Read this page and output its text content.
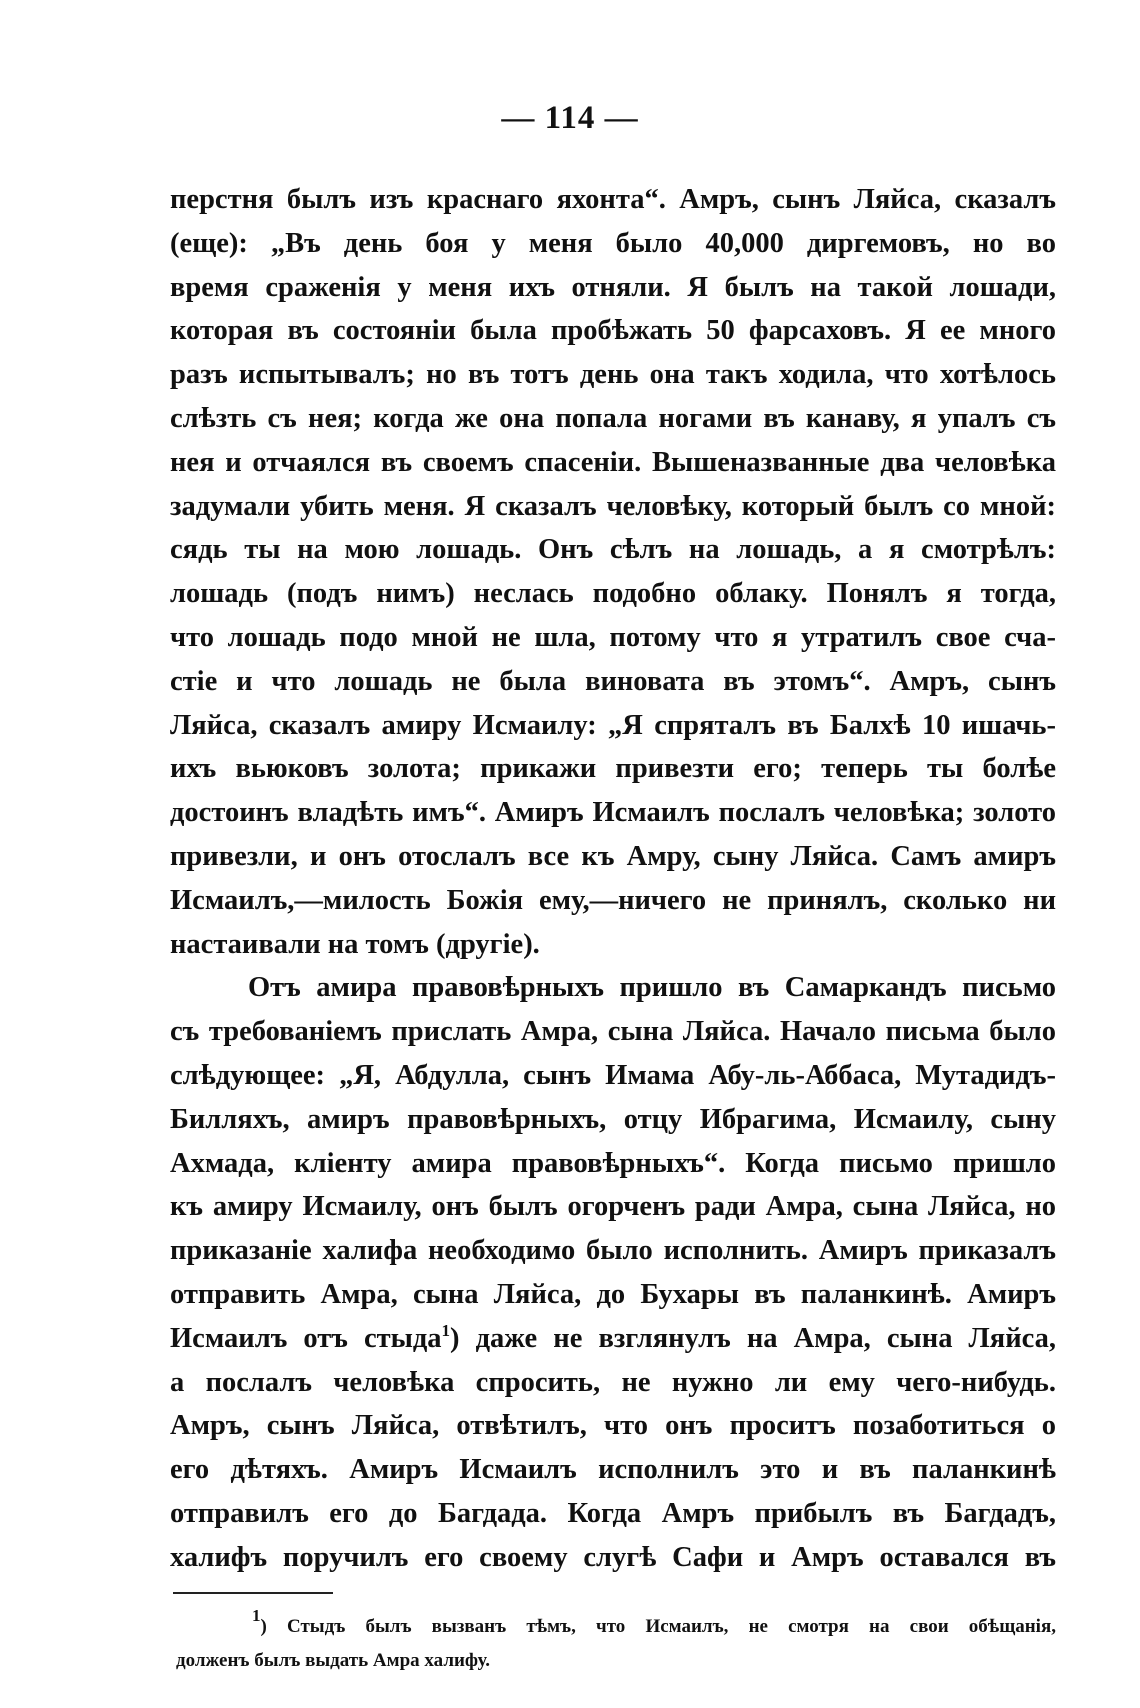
— 114 —
перстня былъ изъ краснаго яхонта“. Амръ, сынъ Ляйса, сказалъ
(еще): „Въ день боя у меня было 40,000 диргемовъ, но во
время сраженія у меня ихъ отняли. Я былъ на такой лошади,
которая въ состояніи была пробѣжать 50 фарсаховъ. Я ее много
разъ испытывалъ; но въ тотъ день она такъ ходила, что хотѣлось
слѣзть съ нея; когда же она попала ногами въ канаву, я упалъ съ
нея и отчаялся въ своемъ спасеніи. Вышеназванные два человѣка
задумали убить меня. Я сказалъ человѣку, который былъ со мной:
сядь ты на мою лошадь. Онъ сѣлъ на лошадь, а я смотрѣлъ:
лошадь (подъ нимъ) неслась подобно облаку. Понялъ я тогда,
что лошадь подо мной не шла, потому что я утратилъ свое сча-
стіе и что лошадь не была виновата въ этомъ“. Амръ, сынъ
Ляйса, сказалъ амиру Исмаилу: „Я спряталъ въ Балхѣ 10 ишачь-
ихъ вьюковъ золота; прикажи привезти его; теперь ты болѣе
достоинъ владѣть имъ“. Амиръ Исмаилъ послалъ человѣка; золото
привезли, и онъ отослалъ все къ Амру, сыну Ляйса. Самъ амиръ
Исмаилъ,—милость Божія ему,—ничего не принялъ, сколько ни
настаивали на томъ (другіе).
Отъ амира правовѣрныхъ пришло въ Самаркандъ письмо
съ требованіемъ прислать Амра, сына Ляйса. Начало письма было
слѣдующее: „Я, Абдулла, сынъ Имама Абу-ль-Аббаса, Мутадидъ-
Билляхъ, амиръ правовѣрныхъ, отцу Ибрагима, Исмаилу, сыну
Ахмада, кліенту амира правовѣрныхъ“. Когда письмо пришло
къ амиру Исмаилу, онъ былъ огорченъ ради Амра, сына Ляйса, но
приказаніе халифа необходимо было исполнить. Амиръ приказалъ
отправить Амра, сына Ляйса, до Бухары въ паланкинѣ. Амиръ
Исмаилъ отъ стыда$^1$) даже не взглянулъ на Амра, сына Ляйса,
а послалъ человѣка спросить, не нужно ли ему чего-нибудь.
Амръ, сынъ Ляйса, отвѣтилъ, что онъ проситъ позаботиться о
его дѣтяхъ. Амиръ Исмаилъ исполнилъ это и въ паланкинѣ
отправилъ его до Багдада. Когда Амръ прибылъ въ Багдадъ,
халифъ поручилъ его своему слугѣ Сафи и Амръ оставался въ
$^1$) Стыдъ былъ вызванъ тѣмъ, что Исмаилъ, не смотря на свои обѣщанія,
долженъ былъ выдать Амра халифу.
